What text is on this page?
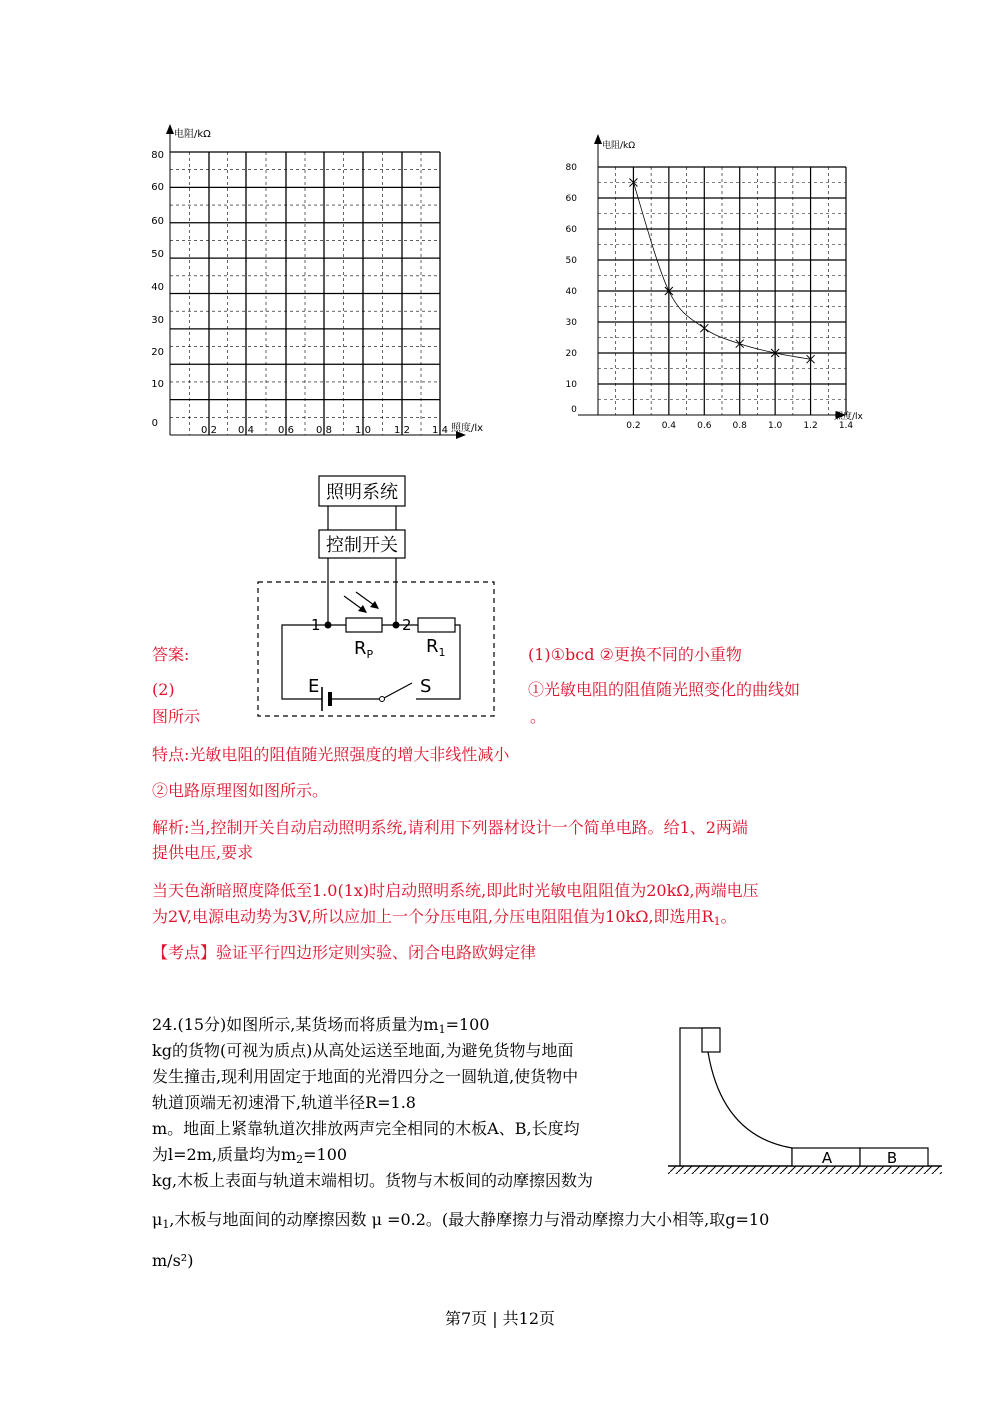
电阻/kΩ
照度/lx
0
10
20
30
40
50
60
60
80
0.2 0.4 0.6 0.8 1.0 1.2 1.4
电阻/kΩ
照度/lx
0
10
20
30
40
50
60
60
80
0.2 0.4 0.6 0.8 1.0 1.2 1.4
照明系统
控制开关
1	2
$R_P$	$R_1$
E	S
答案:	(1)①bcd ②更换不同的小重物
(2)	①光敏电阻的阻值随光照变化的曲线如
图所示	。
特点:光敏电阻的阻值随光照强度的增大非线性减小
②电路原理图如图所示。
解析:当,控制开关自动启动照明系统,请利用下列器材设计一个简单电路。给1、2两端
提供电压,要求
当天色渐暗照度降低至1.0(1x)时启动照明系统,即此时光敏电阻阻值为20kΩ,两端电压
为2V,电源电动势为3V,所以应加上一个分压电阻,分压电阻阻值为10kΩ,即选用$R_1$。
【考点】验证平行四边形定则实验、闭合电路欧姆定律
24.(15分)如图所示,某货场而将质量为$m_1=100$
kg的货物(可视为质点)从高处运送至地面,为避免货物与地面
发生撞击,现利用固定于地面的光滑四分之一圆轨道,使货物中
轨道顶端无初速滑下,轨道半径R=1.8
m。地面上紧靠轨道次排放两声完全相同的木板A、B,长度均
为l=2m,质量均为$m_2=100$
kg,木板上表面与轨道末端相切。货物与木板间的动摩擦因数为
$\mu_1$,木板与地面间的动摩擦因数 μ =0.2。(最大静摩擦力与滑动摩擦力大小相等,取g=10
m/s²)
A	B
第7页 | 共12页
